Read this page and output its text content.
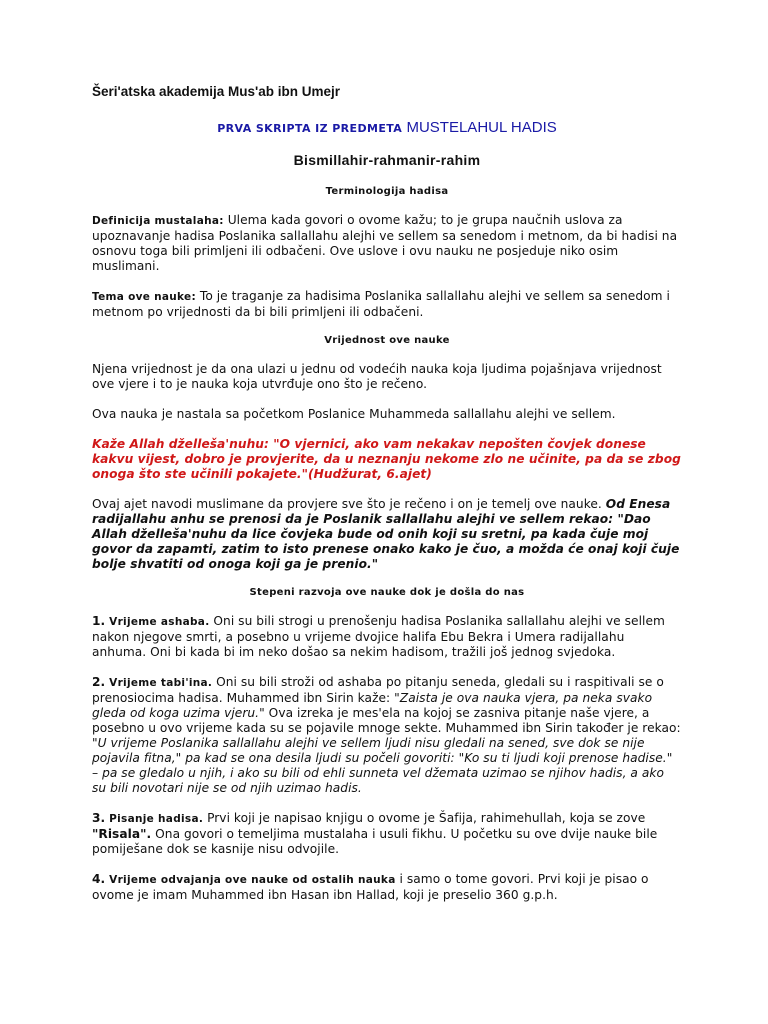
Šeri'atska akademija Mus'ab ibn Umejr
PRVA SKRIPTA IZ PREDMETA MUSTELAHUL HADIS
Bismillahir-rahmanir-rahim
Terminologija hadisa

Definicija mustalaha: Ulema kada govori o ovome kažu; to je grupa naučnih uslova za upoznavanje hadisa Poslanika sallallahu alejhi ve sellem sa senedom i metnom, da bi hadisi na osnovu toga bili primljeni ili odbačeni. Ove uslove i ovu nauku ne posjeduje niko osim muslimani.

Tema ove nauke: To je traganje za hadisima Poslanika sallallahu alejhi ve sellem sa senedom i metnom po vrijednosti da bi bili primljeni ili odbačeni.

Vrijednost ove nauke

Njena vrijednost je da ona ulazi u jednu od vodećih nauka koja ljudima pojašnjava vrijednost ove vjere i to je nauka koja utvrđuje ono što je rečeno.

Ova nauka je nastala sa početkom Poslanice Muhammeda sallallahu alejhi ve sellem.

Kaže Allah dželleša'nuhu: "O vjernici, ako vam nekakav nepošten čovjek donese kakvu vijest, dobro je provjerite, da u neznanju nekome zlo ne učinite, pa da se zbog onoga što ste učinili pokajete."(Hudžurat, 6.ajet)

Ovaj ajet navodi muslimane da provjere sve što je rečeno i on je temelj ove nauke. Od Enesa radijallahu anhu se prenosi da je Poslanik sallallahu alejhi ve sellem rekao: "Dao Allah dželleša'nuhu da lice čovjeka bude od onih koji su sretni, pa kada čuje moj govor da zapamti, zatim to isto prenese onako kako je čuo, a možda će onaj koji čuje bolje shvatiti od onoga koji ga je prenio."

Stepeni razvoja ove nauke dok je došla do nas

1. Vrijeme ashaba. Oni su bili strogi u prenošenju hadisa Poslanika sallallahu alejhi ve sellem nakon njegove smrti, a posebno u vrijeme dvojice halifa Ebu Bekra i Umera radijallahu anhuma. Oni bi kada bi im neko došao sa nekim hadisom, tražili još jednog svjedoka.

2. Vrijeme tabi'ina. Oni su bili stroži od ashaba po pitanju seneda, gledali su i raspitivali se o prenosiocima hadisa. Muhammed ibn Sirin kaže: "Zaista je ova nauka vjera, pa neka svako gleda od koga uzima vjeru." Ova izreka je mes'ela na kojoj se zasniva pitanje naše vjere, a posebno u ovo vrijeme kada su se pojavile mnoge sekte. Muhammed ibn Sirin također je rekao: "U vrijeme Poslanika sallallahu alejhi ve sellem ljudi nisu gledali na sened, sve dok se nije pojavila fitna," pa kad se ona desila ljudi su počeli govoriti: "Ko su ti ljudi koji prenose hadise." – pa se gledalo u njih, i ako su bili od ehli sunneta vel džemata uzimao se njihov hadis, a ako su bili novotari nije se od njih uzimao hadis.

3. Pisanje hadisa. Prvi koji je napisao knjigu o ovome je Šafija, rahimehullah, koja se zove "Risala". Ona govori o temeljima mustalaha i usuli fikhu. U početku su ove dvije nauke bile pomiješane dok se kasnije nisu odvojile.

4. Vrijeme odvajanja ove nauke od ostalih nauka i samo o tome govori. Prvi koji je pisao o ovome je imam Muhammed ibn Hasan ibn Hallad, koji je preselio 360 g.p.h.
